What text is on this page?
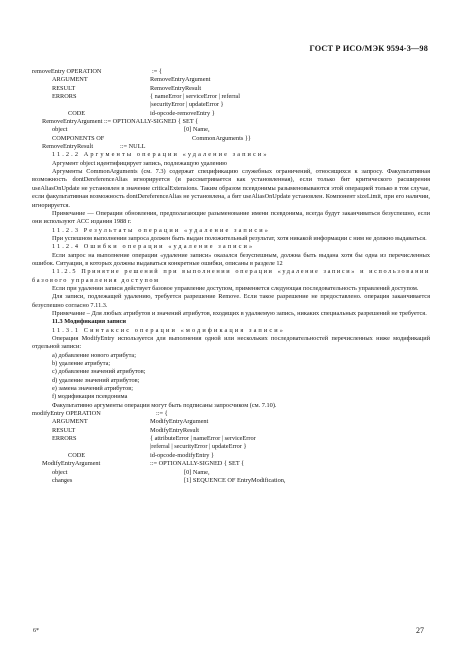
ГОСТ Р ИСО/МЭК 9594-3—98
removeEntry OPERATION	:= {
ARGUMENT	RemoveEntryArgument
RESULT	RemoveEntryResult
ERRORS	{ nameError | serviceError | referral
|securityError | updateError }
CODE	id-opcode-removeEntry }
RemoveEntryArgument ::= OPTIONALLY-SIGNED { SET {
object	[0] Name,
COMPONENTS OF	CommonArguments }}
RemoveEntryResult	::= NULL
11.2.2 Аргументы операции «удаление записи»
Аргумент object идентифицирует запись, подлежащую удалению

Аргументы CommonArguments (см. 7.3) содержат спецификацию служебных ограничений, относящихся к запросу. Факультативная возможность dontDereferenceAlias игнорируется (и рассматривается как установленная), если только бит критического расширения useAliasOnUpdate не установлен в значение criticalExtensions. Таким образом псевдонимы разыменовываются этой операцией только в том случае, если факультативная возможность dontDereferenceAlias не установлена, а бит useAliasOnUpdate установлен. Компонент sizeLimit, при его наличии, игнорируется.

Примечание — Операции обновления, предполагающие разыменование имени псевдонима, всегда будут заканчиваться безуспешно, если они используют АСС издания 1988 г.

11.2.3 Результаты операции «удаление записи»

При успешном выполнении запроса должен быть выдан положительный результат, хотя никакой информации с ним не должно выдаваться.

11.2.4 Ошибки операции «удаление записи»

Если запрос на выполнение операции «удаление записи» оказался безуспешным, должна быть выдана хотя бы одна из перечисленных ошибок. Ситуации, в которых должны выдаваться конкретные ошибки, описаны в разделе 12

11.2.5 Принятие решений при выполнении операции «удаление записи» и использовании базового управления доступом

Если при удалении записи действует базовое управление доступом, применяется следующая последовательность управлений доступом.

Для записи, подлежащей удалению, требуется разрешение Remove. Если такое разрешение не предоставлено. операция заканчивается безуспешно согласно 7.11.3.

Примечание – Для любых атрибутов и значений атрибутов, входящих в удаляемую запись, никаких специальных разрешений не требуется.

11.3 Модификация записи
11.3.1 Синтаксис операции «модификация записи»

Операция ModifyEntry используется для выполнения одной или нескольких последовательностей перечисленных ниже модификаций отдельной записи:

а) добавление нового атрибута;
b) удаление атрибута;
с) добавление значений атрибутов;
d) удаление значений атрибутов;
е) замена значений атрибутов;
f) модификация псевдонима
Факультативно аргументы операции могут быть подписаны запросчиком (см. 7.10).
modifyEntry OPERATION	::= {
ARGUMENT	ModifyEntryArgument
RESULT	ModifyEntryResult
ERRORS	{ attributeError | nameError | serviceError
|referral | securityError | updateError }
CODE	id-opcode-modifyEntry }
ModifyEntryArgument	::= OPTIONALLY-SIGNED { SET {
object	[0] Name,
changes	[1] SEQUENCE OF EntryModification,
6*	27
